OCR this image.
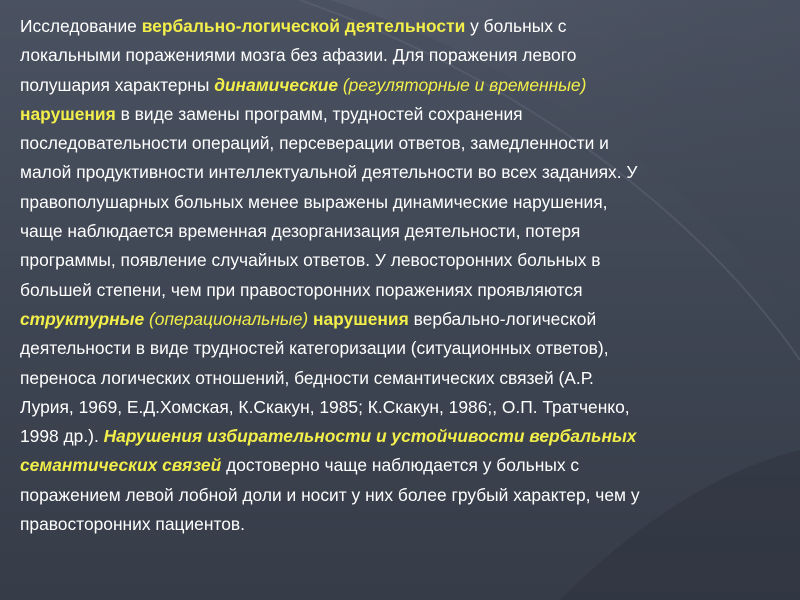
Исследование вербально-логической деятельности у больных с
локальными поражениями мозга без афазии. Для поражения левого
полушария характерны динамические (регуляторные и временные)
нарушения в виде замены программ, трудностей сохранения
последовательности операций, персеверации ответов, замедленности и
малой продуктивности интеллектуальной деятельности во всех заданиях. У
правополушарных больных менее выражены динамические нарушения,
чаще наблюдается временная дезорганизация деятельности, потеря
программы, появление случайных ответов. У левосторонних больных в
большей степени, чем при правосторонних поражениях проявляются
структурные (операциональные) нарушения вербально-логической
деятельности в виде трудностей категоризации (ситуационных ответов),
переноса логических отношений, бедности семантических связей (А.Р.
Лурия, 1969, Е.Д.Хомская, К.Скакун, 1985; К.Скакун, 1986;, О.П. Тратченко,
1998 др.). Нарушения избирательности и устойчивости вербальных
семантических связей достоверно чаще наблюдается у больных с
поражением левой лобной доли и носит у них более грубый характер, чем у
правосторонних пациентов.
